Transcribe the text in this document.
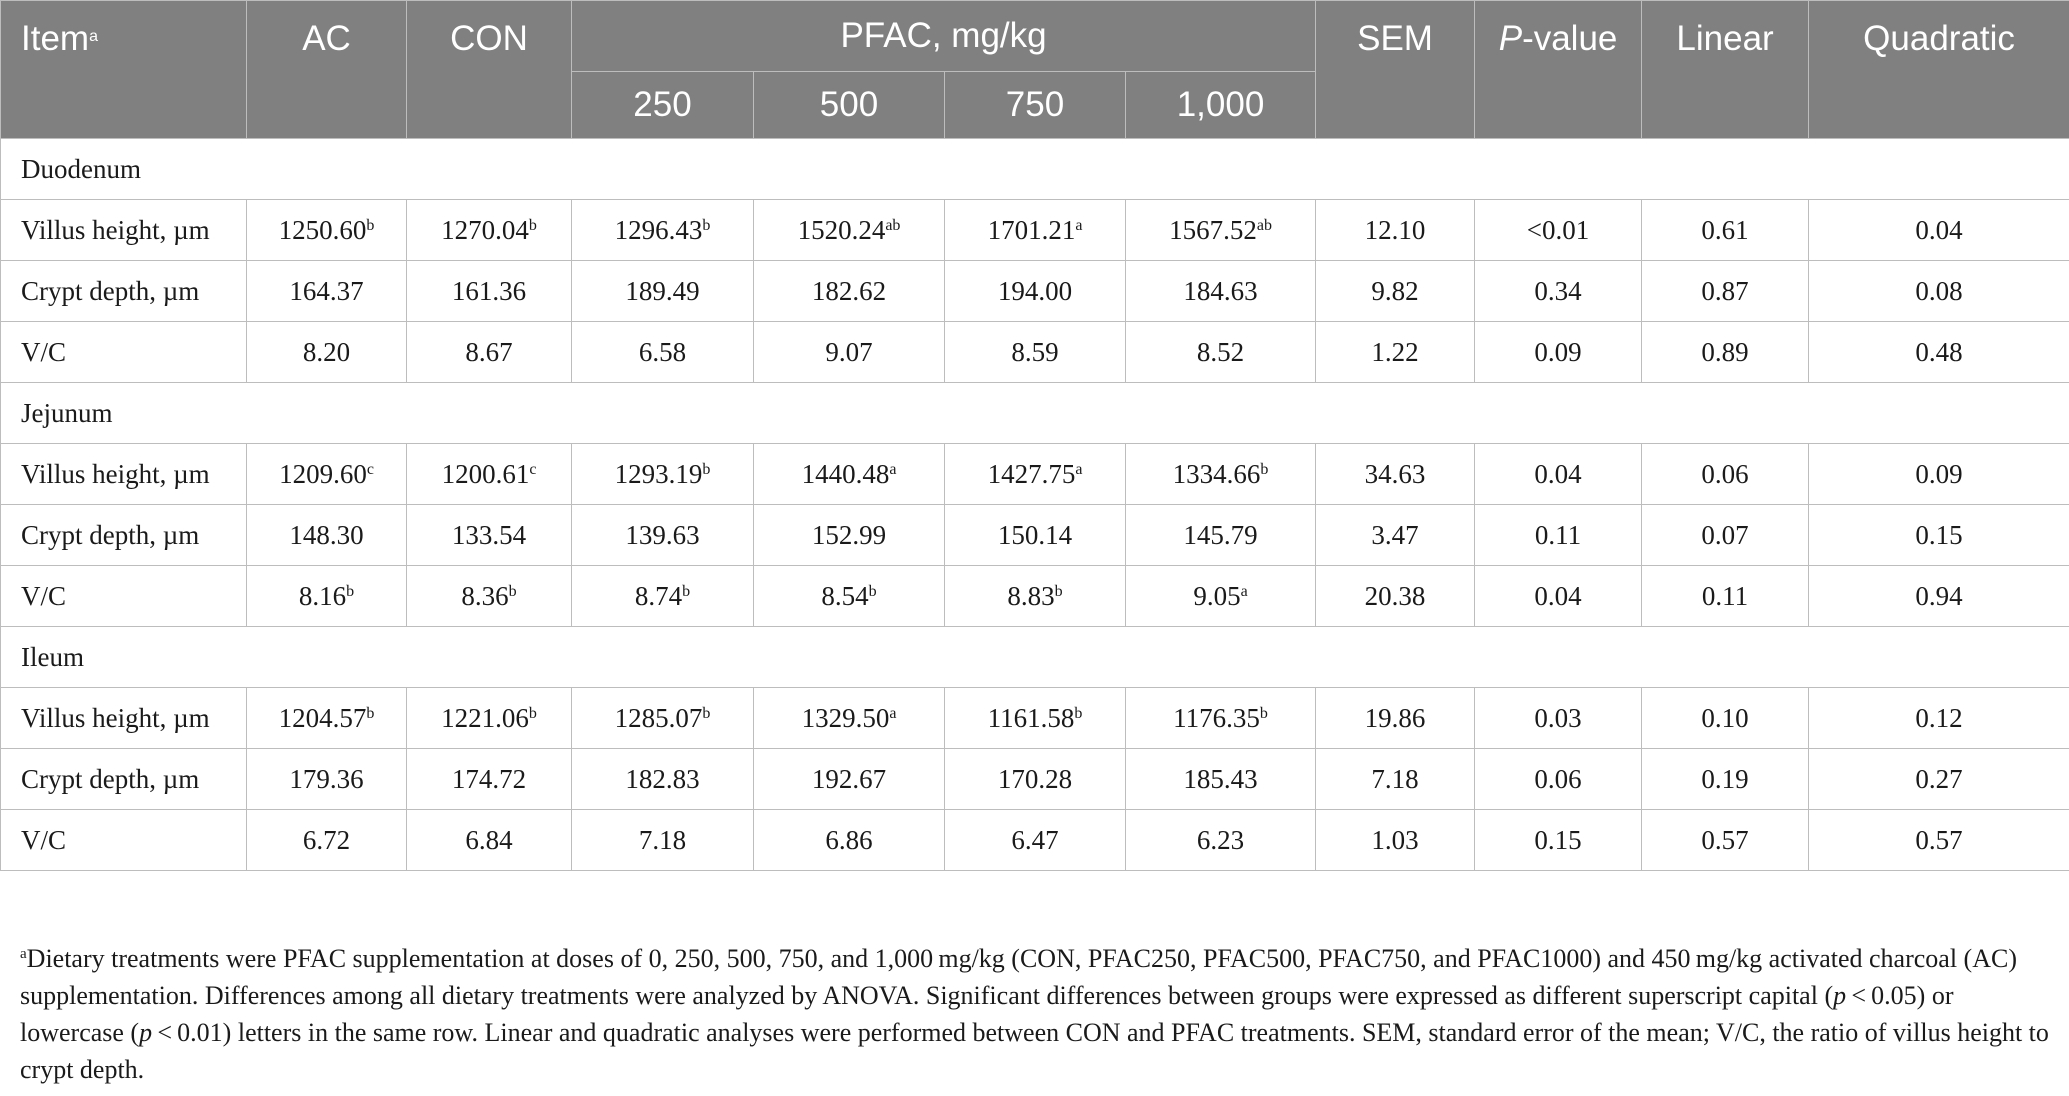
Item$^a$	AC	CON	PFAC, mg/kg				SEM	P-value	Linear	Quadratic
			250	500	750	1,000				
Duodenum										
Villus height, µm	1250.60$^b$	1270.04$^b$	1296.43$^b$	1520.24$^{ab}$	1701.21$^a$	1567.52$^{ab}$	12.10	<0.01	0.61	0.04
Crypt depth, µm	164.37	161.36	189.49	182.62	194.00	184.63	9.82	0.34	0.87	0.08
V/C	8.20	8.67	6.58	9.07	8.59	8.52	1.22	0.09	0.89	0.48
Jejunum										
Villus height, µm	1209.60$^c$	1200.61$^c$	1293.19$^b$	1440.48$^a$	1427.75$^a$	1334.66$^b$	34.63	0.04	0.06	0.09
Crypt depth, µm	148.30	133.54	139.63	152.99	150.14	145.79	3.47	0.11	0.07	0.15
V/C	8.16$^b$	8.36$^b$	8.74$^b$	8.54$^b$	8.83$^b$	9.05$^a$	20.38	0.04	0.11	0.94
Ileum										
Villus height, µm	1204.57$^b$	1221.06$^b$	1285.07$^b$	1329.50$^a$	1161.58$^b$	1176.35$^b$	19.86	0.03	0.10	0.12
Crypt depth, µm	179.36	174.72	182.83	192.67	170.28	185.43	7.18	0.06	0.19	0.27
V/C	6.72	6.84	7.18	6.86	6.47	6.23	1.03	0.15	0.57	0.57
$^a$Dietary treatments were PFAC supplementation at doses of 0, 250, 500, 750, and 1,000 mg/kg (CON, PFAC250, PFAC500, PFAC750, and PFAC1000) and 450 mg/kg activated charcoal (AC) supplementation. Differences among all dietary treatments were analyzed by ANOVA. Significant differences between groups were expressed as different superscript capital (p < 0.05) or lowercase (p < 0.01) letters in the same row. Linear and quadratic analyses were performed between CON and PFAC treatments. SEM, standard error of the mean; V/C, the ratio of villus height to crypt depth.
